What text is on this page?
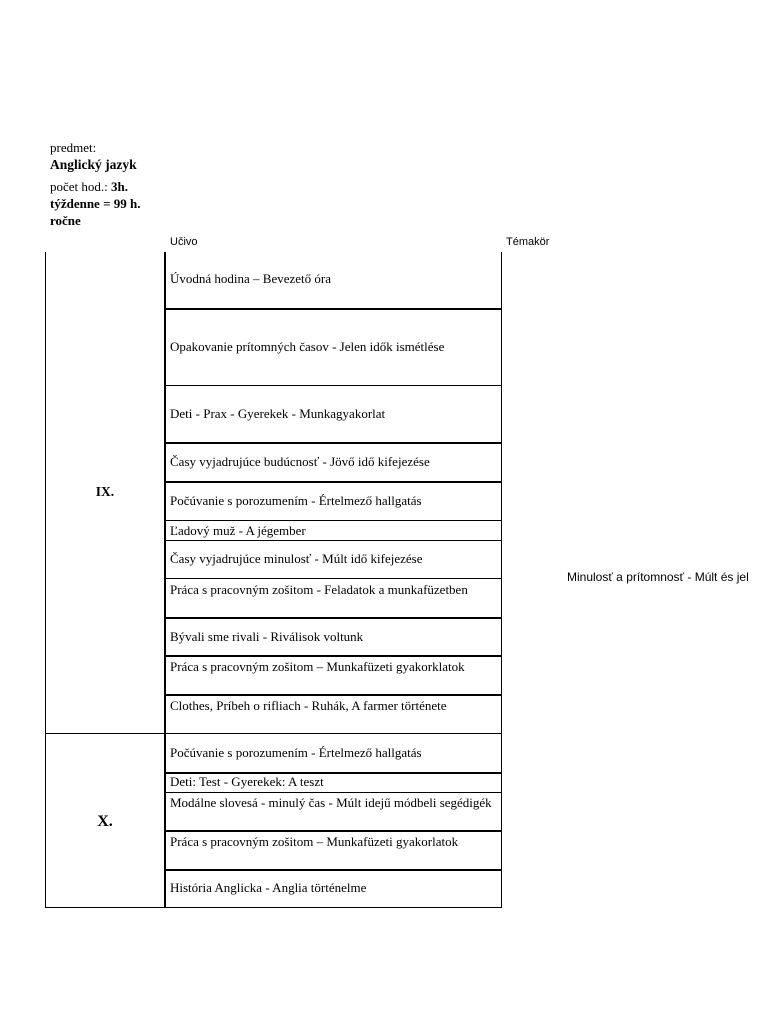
predmet:
Anglický jazyk
počet hod.: 3h. týždenne = 99 h. ročne
Učivo	Témakör
IX.
X.

Úvodná hodina – Bevezető óra

Opakovanie prítomných časov - Jelen idők ismétlése

Deti - Prax - Gyerekek - Munkagyakorlat

Časy vyjadrujúce budúcnosť - Jövő idő kifejezése

Počúvanie s porozumením - Értelmező hallgatás

Ľadový muž - A jégember

Časy vyjadrujúce minulosť - Múlt idő kifejezése

Práca s pracovným zošitom - Feladatok a munkafüzetben

Bývali sme rivali - Riválisok voltunk

Práca s pracovným zošitom – Munkafüzeti gyakorklatok

Clothes, Príbeh o rifliach - Ruhák, A farmer története

Počúvanie s porozumením - Értelmező hallgatás

Deti: Test - Gyerekek: A teszt

Modálne slovesá - minulý čas - Múlt idejű módbeli segédigék

Práca s pracovným zošitom – Munkafüzeti gyakorlatok

História Anglicka - Anglia történelme

Minulosť a prítomnosť - Múlt és jel
